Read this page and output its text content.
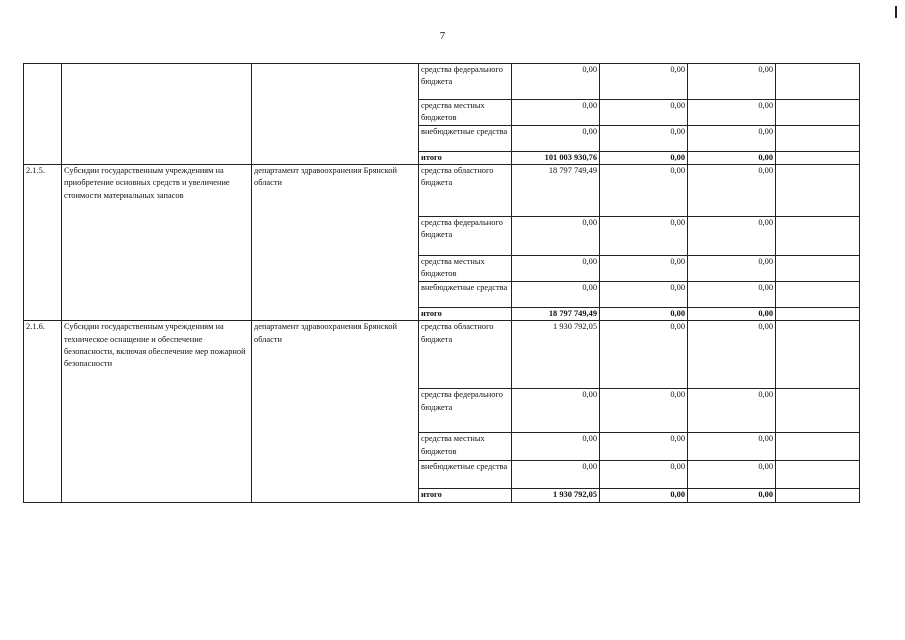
7
			средства федерального бюджета	0,00	0,00	0,00	
			средства местных бюджетов	0,00	0,00	0,00	
			внебюджетные средства	0,00	0,00	0,00	
			итого	101 003 930,76	0,00	0,00	
2.1.5.	Субсидии государственным учреждениям на приобретение основных средств и увеличение стоимости материальных запасов	департамент здравоохранения Брянской области	средства областного бюджета	18 797 749,49	0,00	0,00	
			средства федерального бюджета	0,00	0,00	0,00	
			средства местных бюджетов	0,00	0,00	0,00	
			внебюджетные средства	0,00	0,00	0,00	
			итого	18 797 749,49	0,00	0,00	
2.1.6.	Субсидии государственным учреждениям на техническое оснащение и обеспечение безопасности, включая обеспечение мер пожарной безопасности	департамент здравоохранения Брянской области	средства областного бюджета	1 930 792,05	0,00	0,00	
			средства федерального бюджета	0,00	0,00	0,00	
			средства местных бюджетов	0,00	0,00	0,00	
			внебюджетные средства	0,00	0,00	0,00	
			итого	1 930 792,05	0,00	0,00	
